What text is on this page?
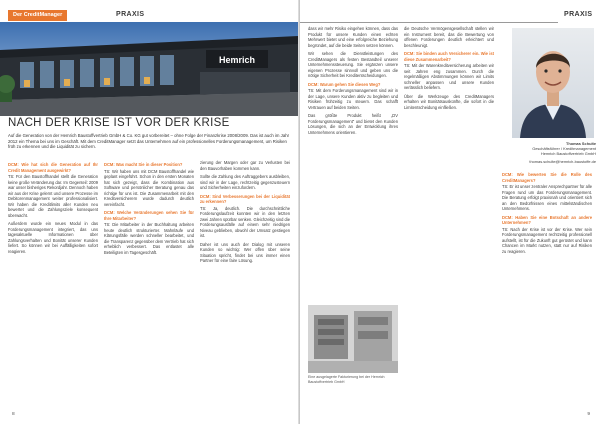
Der CreditManager	PRAXIS
Hemrich
NACH DER KRISE IST VOR DER KRISE

Auf die Generation von der Hemrich Baustoffvertrieb GmbH & Co. KG gut vorbereitet – ohne Folge der Finanzkrise 2008/2009. Das ist auch im Jahr 2012 ein Thema bei uns im Geschäft. Mit dem CreditManager setzt das Unternehmen auf ein professionelles Forderungsmanagement, um Risiken früh zu erkennen und die Liquidität zu sichern.

DCM: Wie hat sich die Generation auf Ihr Credit Management ausgewirkt?

TS: Für den Baustoffhandel stellt die Generation keine große Veränderung dar. Im Gegenteil: 2009 war unser bisheriges Rekordjahr. Dennoch haben wir aus der Krise gelernt und unsere Prozesse im Debitorenmanagement weiter professionalisiert. Wir haben die Kreditlimits aller Kunden neu bewertet und die Zahlungsziele konsequent überwacht.

Außerdem wurde ein neues Modul in das Forderungsmanagement integriert, das uns tagesaktuelle Informationen über Zahlungsverhalten und Bonität unserer Kunden liefert. So können wir bei Auffälligkeiten sofort reagieren.

DCM: Was macht Sie in dieser Position?

TS: Wir haben uns mit DCM Baustoffhandel wie geplant eingeführt. Schon in den ersten Monaten hat sich gezeigt, dass die Kombination aus Software und persönlicher Beratung genau das richtige für uns ist. Die Zusammenarbeit mit den Kreditversicherern wurde dadurch deutlich vereinfacht.

DCM: Welche Veränderungen sehen Sie für Ihre Mitarbeiter?

TS: Die Mitarbeiter in der Buchhaltung arbeiten heute deutlich strukturierter. Mahnläufe und Klärungsfälle werden schneller bearbeitet, und die Transparenz gegenüber dem Vertrieb hat sich erheblich verbessert. Das entlastet alle Beteiligten im Tagesgeschäft.

zierung der Margen oder gar zu Verlusten bei den Bauvorhaben kommen kann.

Sollte die Zahlung des Auftraggebers ausbleiben, sind wir in der Lage, rechtzeitig gegenzusteuern und Sicherheiten einzufordern.

DCM: Sind Verbesserungen bei der Liquidität zu erkennen?

TS: Ja, deutlich. Die durchschnittliche Forderungslaufzeit konnten wir in den letzten zwei Jahren spürbar senken. Gleichzeitig sind die Forderungsausfälle auf einem sehr niedrigen Niveau geblieben, obwohl der Umsatz gestiegen ist.

Daher ist uns auch der Dialog mit unseren Kunden so wichtig: Wer offen über seine Situation spricht, findet bei uns immer einen Partner für eine faire Lösung.

8
PRAXIS

dass wir mehr Risiko eingehen können, dass das Produkt für unsere Kunden einen echten Mehrwert bietet und eine erfolgreiche Beziehung begründet, auf die beide Seiten setzen können.

Wir sehen die Dienstleistungen des CreditManagers als festen Bestandteil unserer Unternehmenssteuerung. Sie ergänzen unsere eigenen Prozesse sinnvoll und geben uns die nötige Sicherheit bei Kreditentscheidungen.

DCM: Warum gehen Sie diesen Weg?

TS: Mit dem Forderungsmanagement sind wir in der Lage, unsere Kunden aktiv zu begleiten und Risiken frühzeitig zu steuern. Das schafft Vertrauen auf beiden Seiten.

Das größte Produkt heißt „DV Forderungsmanagement“ und bietet den Kunden Lösungen, die sich an der Entwicklung ihres Unternehmens orientieren.

die Deutsche Vermögensgesellschaft stellen wir ein Instrument bereit, das die Bewertung von offenen Forderungen deutlich erleichtert und beschleunigt.

DCM: Sie binden auch Versicherer ein. Wie ist diese Zusammenarbeit?

TS: Mit der Warenkreditversicherung arbeiten wir seit Jahren eng zusammen. Durch die regelmäßigen Abstimmungen können wir Limits schneller anpassen und unsere Kunden verlässlich beliefern.

Über die Werkzeuge des CreditManagers erhalten wir Bonitätsauskünfte, die sofort in die Limitentscheidung einfließen.

Thomas Schulte
Geschäftsführer / Kreditmanagement
Hemrich Baustoffvertrieb GmbH
thomas.schulte@hemrich-baustoffe.de
DCM: Wie bewerten Sie die Rolle des CreditManagers?

TS: Er ist unser zentraler Ansprechpartner für alle Fragen rund um das Forderungsmanagement. Die Beratung erfolgt praxisnah und orientiert sich an den Bedürfnissen eines mittelständischen Unternehmens.

DCM: Haben Sie eine Botschaft an andere Unternehmen?

TS: Nach der Krise ist vor der Krise. Wer sein Forderungsmanagement rechtzeitig professionell aufstellt, ist für die Zukunft gut gerüstet und kann Chancen im Markt nutzen, statt nur auf Risiken zu reagieren.

Eine ausgelagerte Fakturierung bei der Hemrich Baustoffvertrieb GmbH
9
